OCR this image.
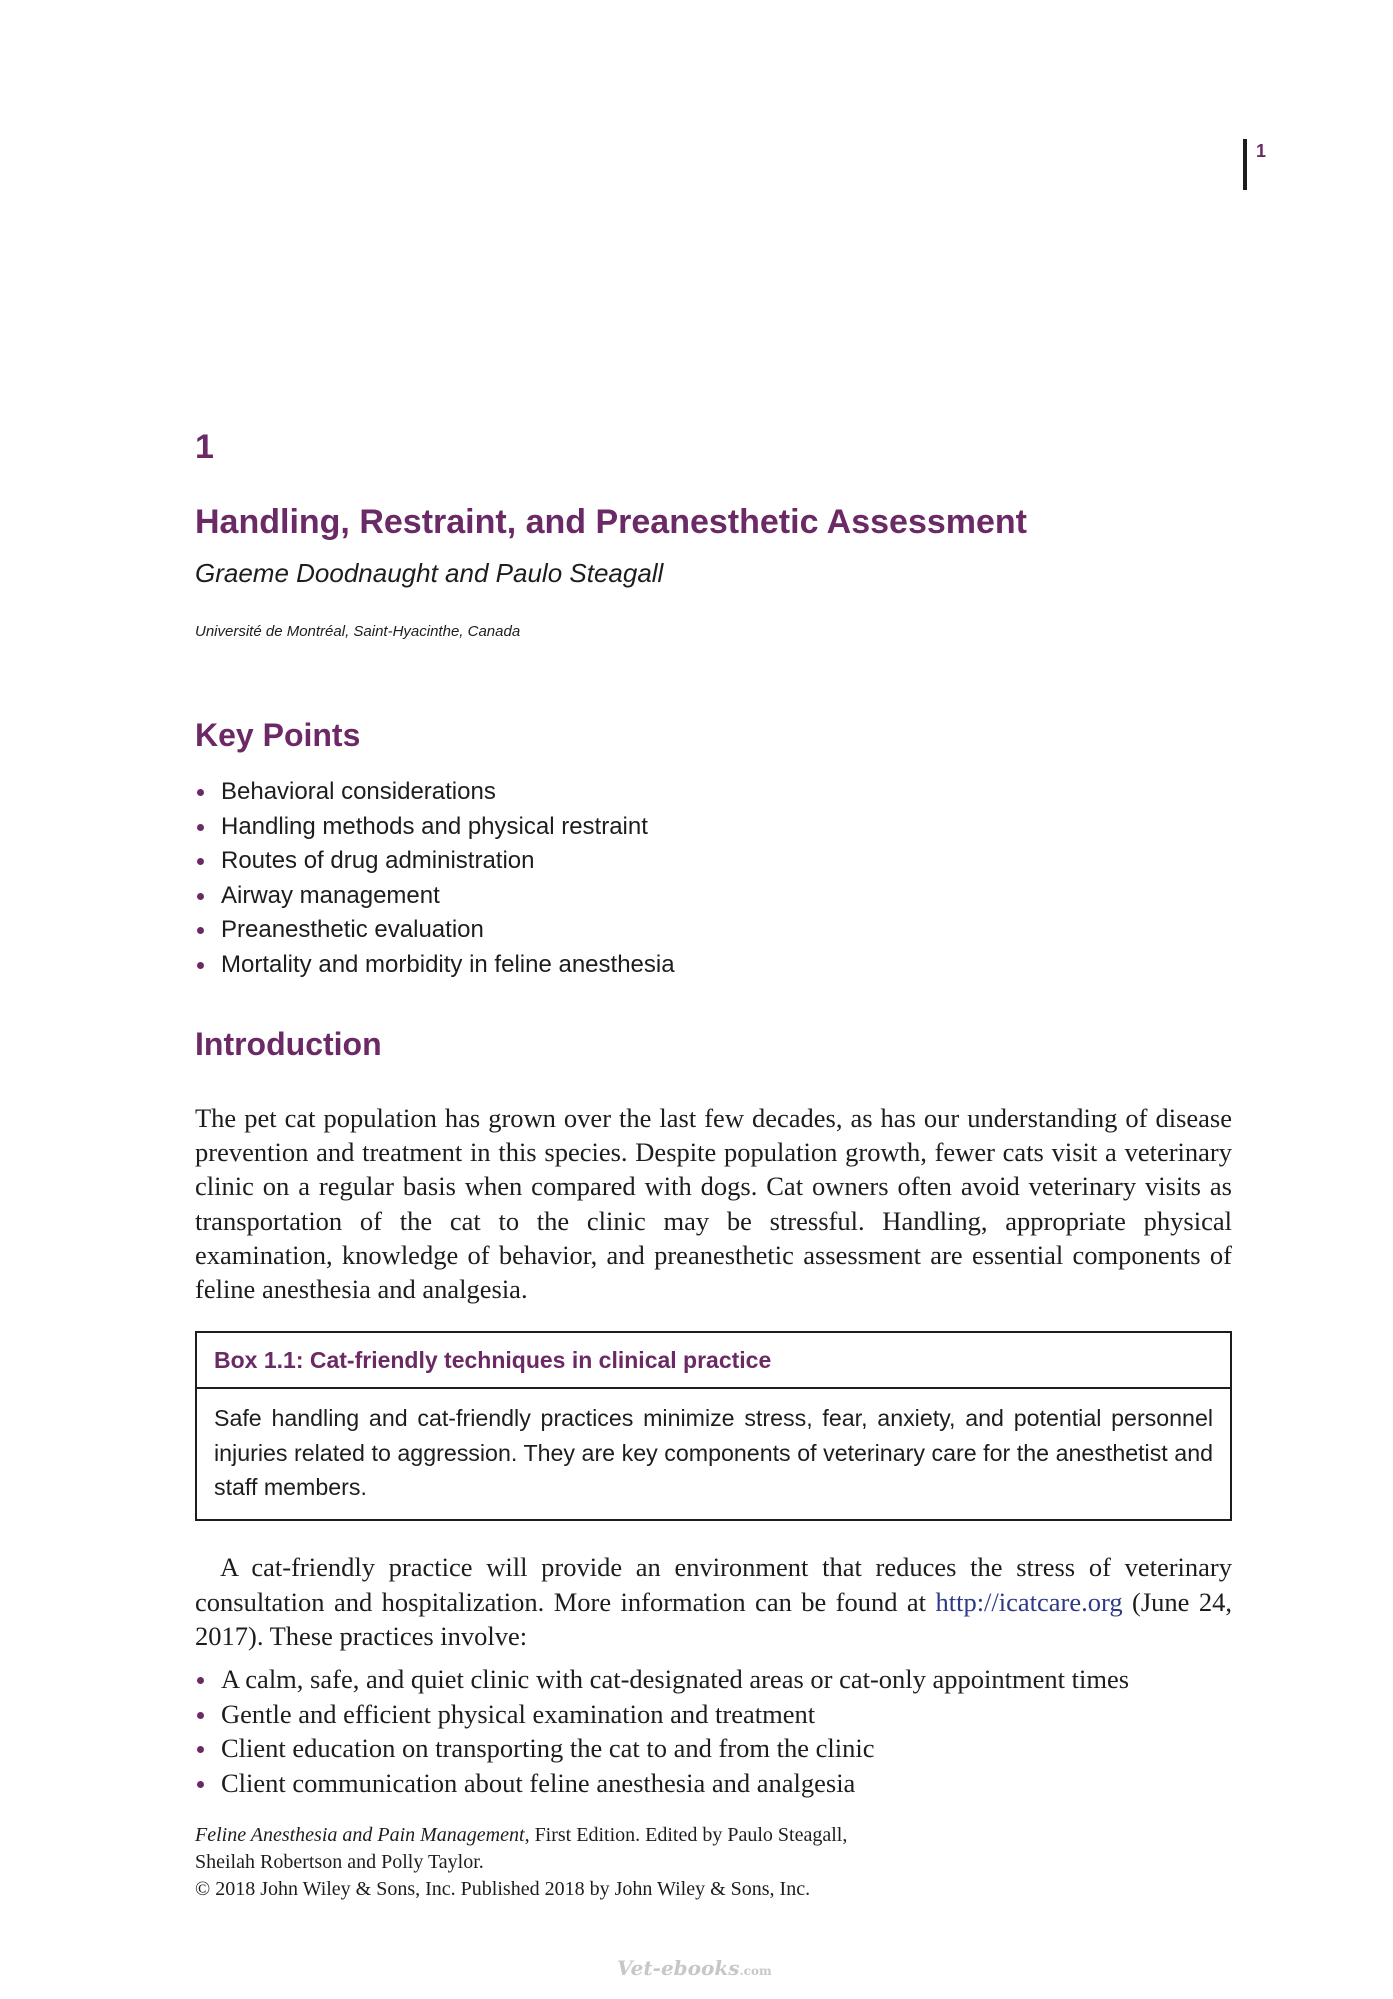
1
1
Handling, Restraint, and Preanesthetic Assessment
Graeme Doodnaught and Paulo Steagall
Université de Montréal, Saint-Hyacinthe, Canada
Key Points
Behavioral considerations
Handling methods and physical restraint
Routes of drug administration
Airway management
Preanesthetic evaluation
Mortality and morbidity in feline anesthesia
Introduction

The pet cat population has grown over the last few decades, as has our understanding of disease prevention and treatment in this species. Despite population growth, fewer cats visit a veterinary clinic on a regular basis when compared with dogs. Cat owners often avoid veterinary visits as transportation of the cat to the clinic may be stressful. Handling, appropriate physical examination, knowledge of behavior, and preanesthetic assessment are essential components of feline anesthesia and analgesia.

Box 1.1: Cat-friendly techniques in clinical practice
Safe handling and cat-friendly practices minimize stress, fear, anxiety, and potential personnel injuries related to aggression. They are key components of veterinary care for the anesthetist and staff members.

A cat-friendly practice will provide an environment that reduces the stress of veterinary consultation and hospitalization. More information can be found at http://icatcare.org (June 24, 2017). These practices involve:

A calm, safe, and quiet clinic with cat-designated areas or cat-only appointment times
Gentle and efficient physical examination and treatment
Client education on transporting the cat to and from the clinic
Client communication about feline anesthesia and analgesia
Feline Anesthesia and Pain Management, First Edition. Edited by Paulo Steagall,
Sheilah Robertson and Polly Taylor.
© 2018 John Wiley & Sons, Inc. Published 2018 by John Wiley & Sons, Inc.
Vet-ebooks.com
